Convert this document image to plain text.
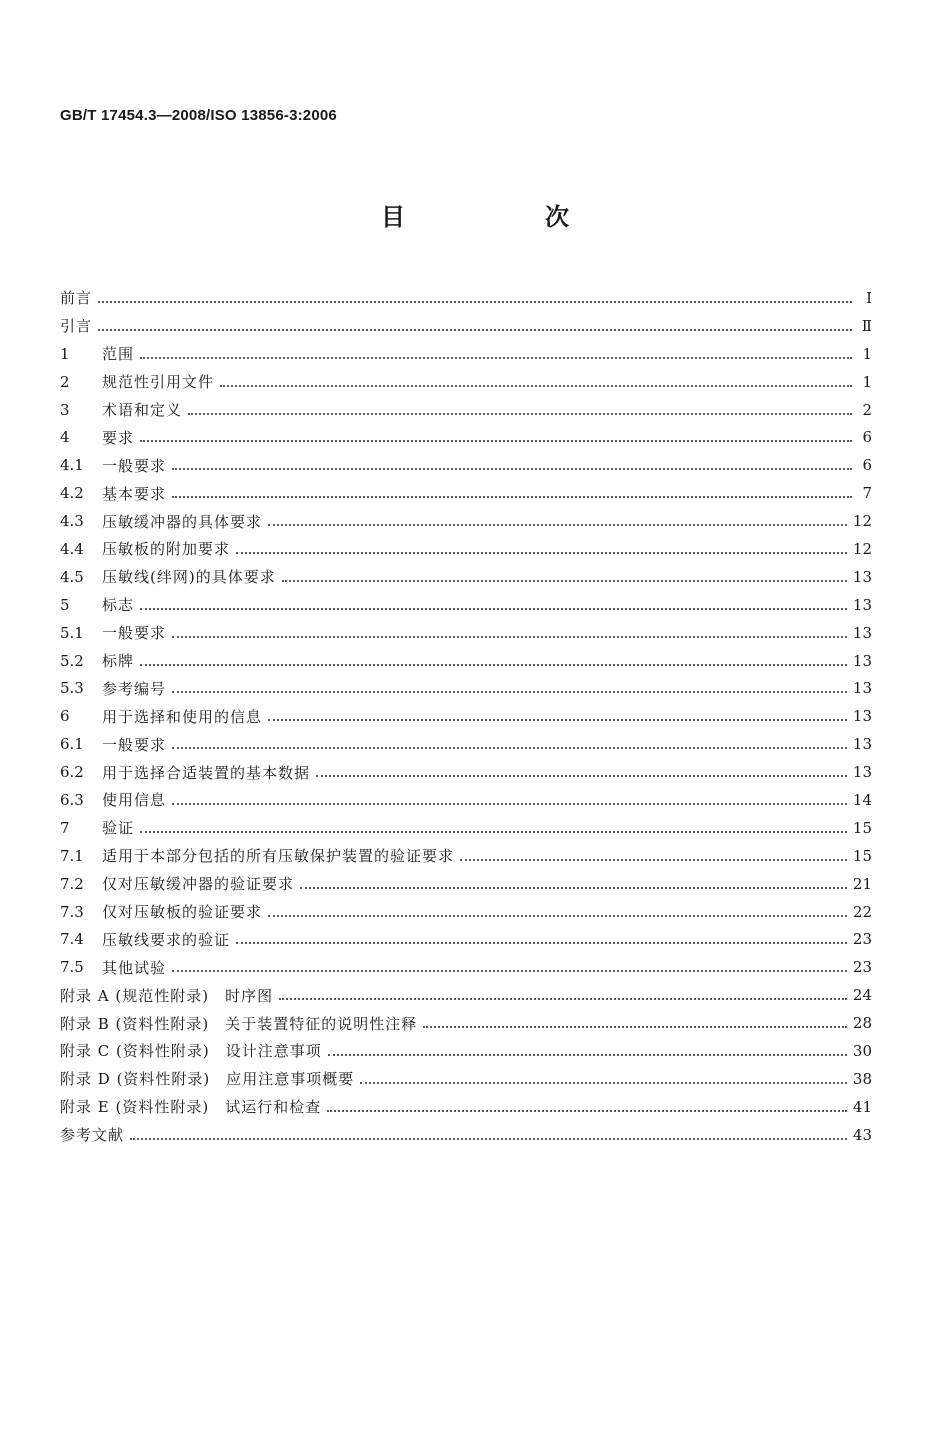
GB/T 17454.3—2008/ISO 13856-3:2006
目　次
前言	Ⅰ
引言	Ⅱ
1	范围	1
2	规范性引用文件	1
3	术语和定义	2
4	要求	6
4.1 一般要求	6
4.2 基本要求	7
4.3 压敏缓冲器的具体要求	12
4.4 压敏板的附加要求	12
4.5 压敏线(绊网)的具体要求	13
5	标志	13
5.1 一般要求	13
5.2 标牌	13
5.3 参考编号	13
6	用于选择和使用的信息	13
6.1 一般要求	13
6.2 用于选择合适装置的基本数据	13
6.3 使用信息	14
7	验证	15
7.1 适用于本部分包括的所有压敏保护装置的验证要求	15
7.2 仅对压敏缓冲器的验证要求	21
7.3 仅对压敏板的验证要求	22
7.4 压敏线要求的验证	23
7.5 其他试验	23
附录 A (规范性附录)　时序图	24
附录 B (资料性附录)　关于装置特征的说明性注释	28
附录 C (资料性附录)　设计注意事项	30
附录 D (资料性附录)　应用注意事项概要	38
附录 E (资料性附录)　试运行和检查	41
参考文献	43
